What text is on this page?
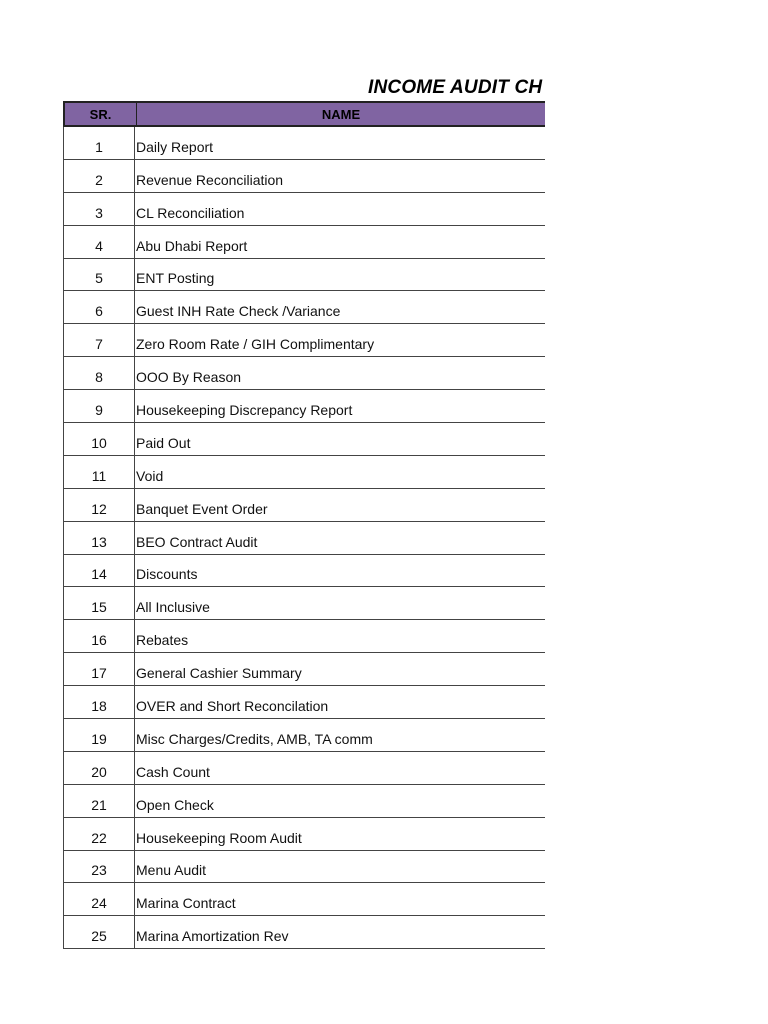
INCOME AUDIT CH
SR.	NAME
1	Daily Report
2	Revenue Reconciliation
3	CL Reconciliation
4	Abu Dhabi Report
5	ENT Posting
6	Guest INH Rate Check /Variance
7	Zero Room Rate / GIH Complimentary
8	OOO By Reason
9	Housekeeping Discrepancy Report
10	Paid Out
11	Void
12	Banquet Event Order
13	BEO Contract Audit
14	Discounts
15	All Inclusive
16	Rebates
17	General Cashier Summary
18	OVER and Short Reconcilation
19	Misc Charges/Credits, AMB, TA comm
20	Cash Count
21	Open Check
22	Housekeeping Room Audit
23	Menu Audit
24	Marina Contract
25	Marina Amortization Rev
